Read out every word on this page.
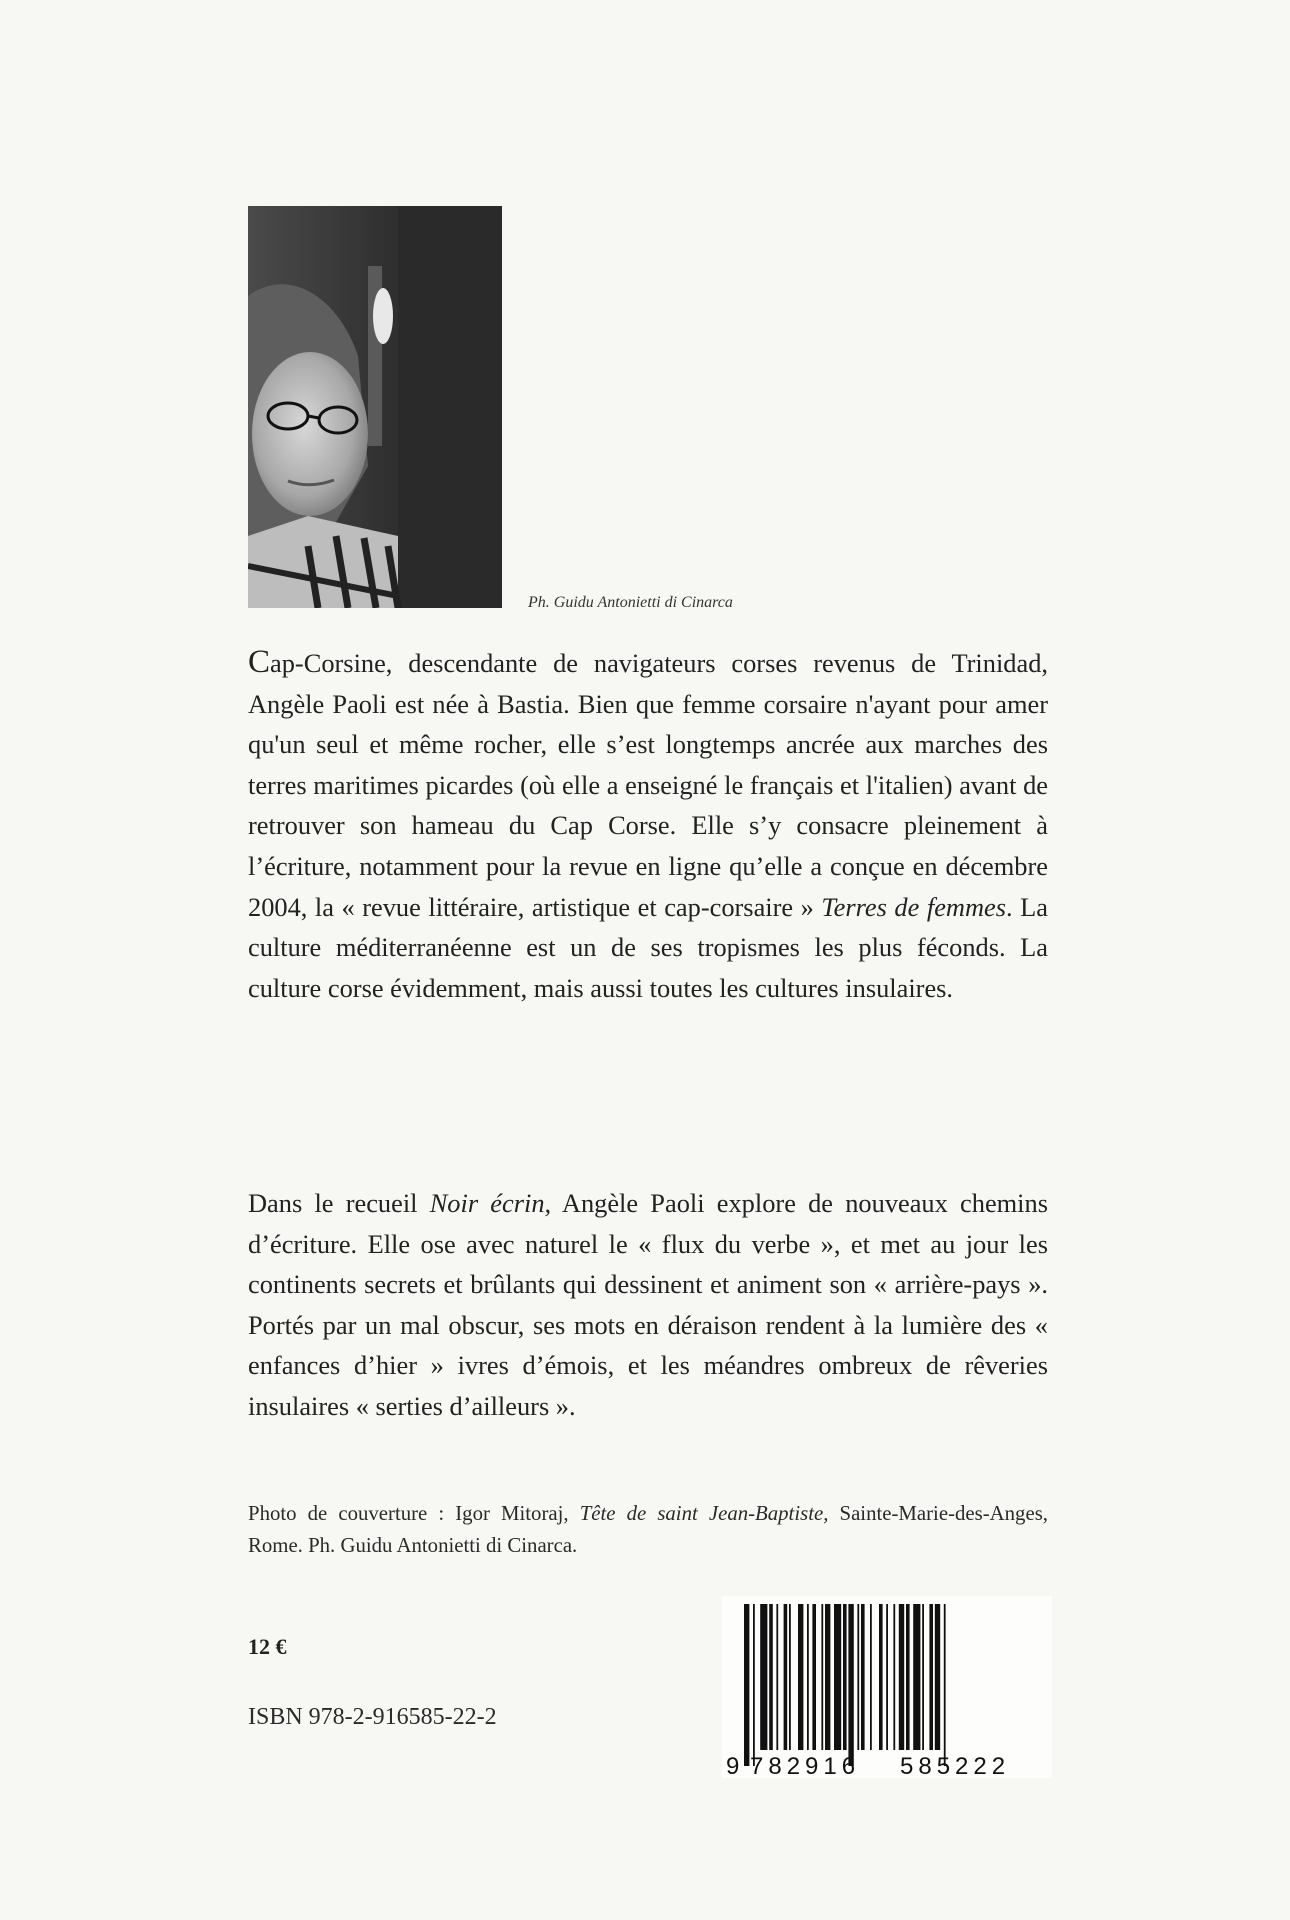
Ph. Guidu Antonietti di Cinarca

Cap-Corsine, descendante de navigateurs corses revenus de Trinidad, Angèle Paoli est née à Bastia. Bien que femme corsaire n'ayant pour amer qu'un seul et même rocher, elle s’est longtemps ancrée aux marches des terres maritimes picardes (où elle a enseigné le français et l'italien) avant de retrouver son hameau du Cap Corse. Elle s’y consacre pleinement à l’écriture, notamment pour la revue en ligne qu’elle a conçue en décembre 2004, la « revue littéraire, artistique et cap-corsaire » Terres de femmes. La culture méditerranéenne est un de ses tropismes les plus féconds. La culture corse évidemment, mais aussi toutes les cultures insulaires.

Dans le recueil Noir écrin, Angèle Paoli explore de nouveaux chemins d’écriture. Elle ose avec naturel le « flux du verbe », et met au jour les continents secrets et brûlants qui dessinent et animent son « arrière-pays ». Portés par un mal obscur, ses mots en déraison rendent à la lumière des « enfances d’hier » ivres d’émois, et les méandres ombreux de rêveries insulaires « serties d’ailleurs ».

Photo de couverture : Igor Mitoraj, Tête de saint Jean-Baptiste, Sainte-Marie-des-Anges, Rome. Ph. Guidu Antonietti di Cinarca.

12 €
ISBN 978-2-916585-22-2
9 782916 585222
